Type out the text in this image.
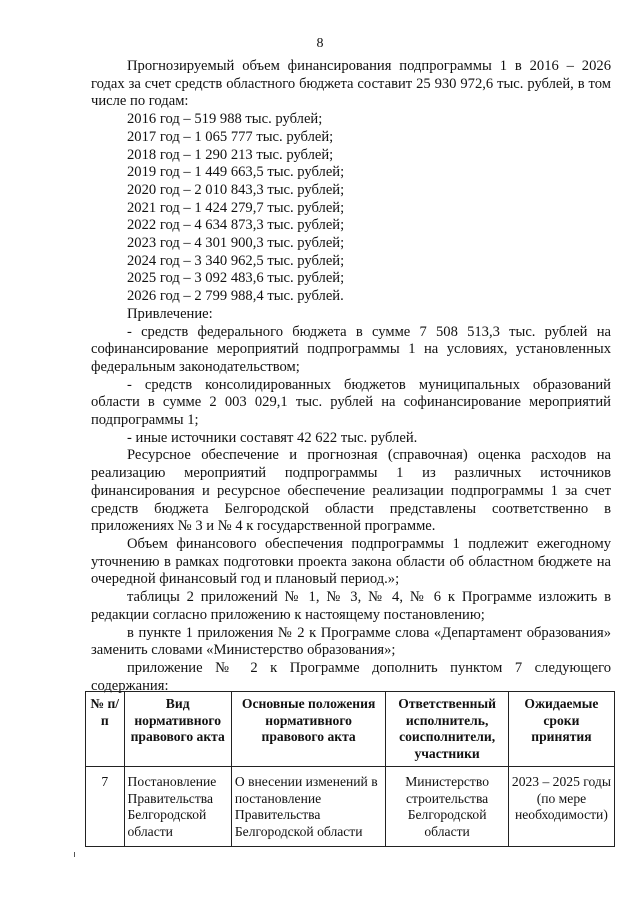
8

Прогнозируемый объем финансирования подпрограммы 1 в 2016 – 2026 годах за счет средств областного бюджета составит 25 930 972,6 тыс. рублей, в том числе по годам:

2016 год – 519 988 тыс. рублей;
2017 год – 1 065 777 тыс. рублей;
2018 год – 1 290 213 тыс. рублей;
2019 год – 1 449 663,5 тыс. рублей;
2020 год – 2 010 843,3 тыс. рублей;
2021 год – 1 424 279,7 тыс. рублей;
2022 год – 4 634 873,3 тыс. рублей;
2023 год – 4 301 900,3 тыс. рублей;
2024 год – 3 340 962,5 тыс. рублей;
2025 год – 3 092 483,6 тыс. рублей;
2026 год – 2 799 988,4 тыс. рублей.

Привлечение:

- средств федерального бюджета в сумме 7 508 513,3 тыс. рублей на софинансирование мероприятий подпрограммы 1 на условиях, установленных федеральным законодательством;

- средств консолидированных бюджетов муниципальных образований области в сумме 2 003 029,1 тыс. рублей на софинансирование мероприятий подпрограммы 1;

- иные источники составят 42 622 тыс. рублей.

Ресурсное обеспечение и прогнозная (справочная) оценка расходов на реализацию мероприятий подпрограммы 1 из различных источников финансирования и ресурсное обеспечение реализации подпрограммы 1 за счет средств бюджета Белгородской области представлены соответственно в приложениях № 3 и № 4 к государственной программе.

Объем финансового обеспечения подпрограммы 1 подлежит ежегодному уточнению в рамках подготовки проекта закона области об областном бюджете на очередной финансовый год и плановый период.»;

таблицы 2 приложений № 1, № 3, № 4, № 6 к Программе изложить в редакции согласно приложению к настоящему постановлению;

в пункте 1 приложения № 2 к Программе слова «Департамент образования» заменить словами «Министерство образования»;

приложение № 2 к Программе дополнить пунктом 7 следующего содержания:

№ п/п	Вид нормативного правового акта	Основные положения нормативного правового акта	Ответственный исполнитель, соисполнители, участники	Ожидаемые сроки принятия
7	Постановление Правительства Белгородской области	О внесении изменений в постановление Правительства Белгородской области	Министерство строительства Белгородской области	2023 – 2025 годы (по мере необходимости)
